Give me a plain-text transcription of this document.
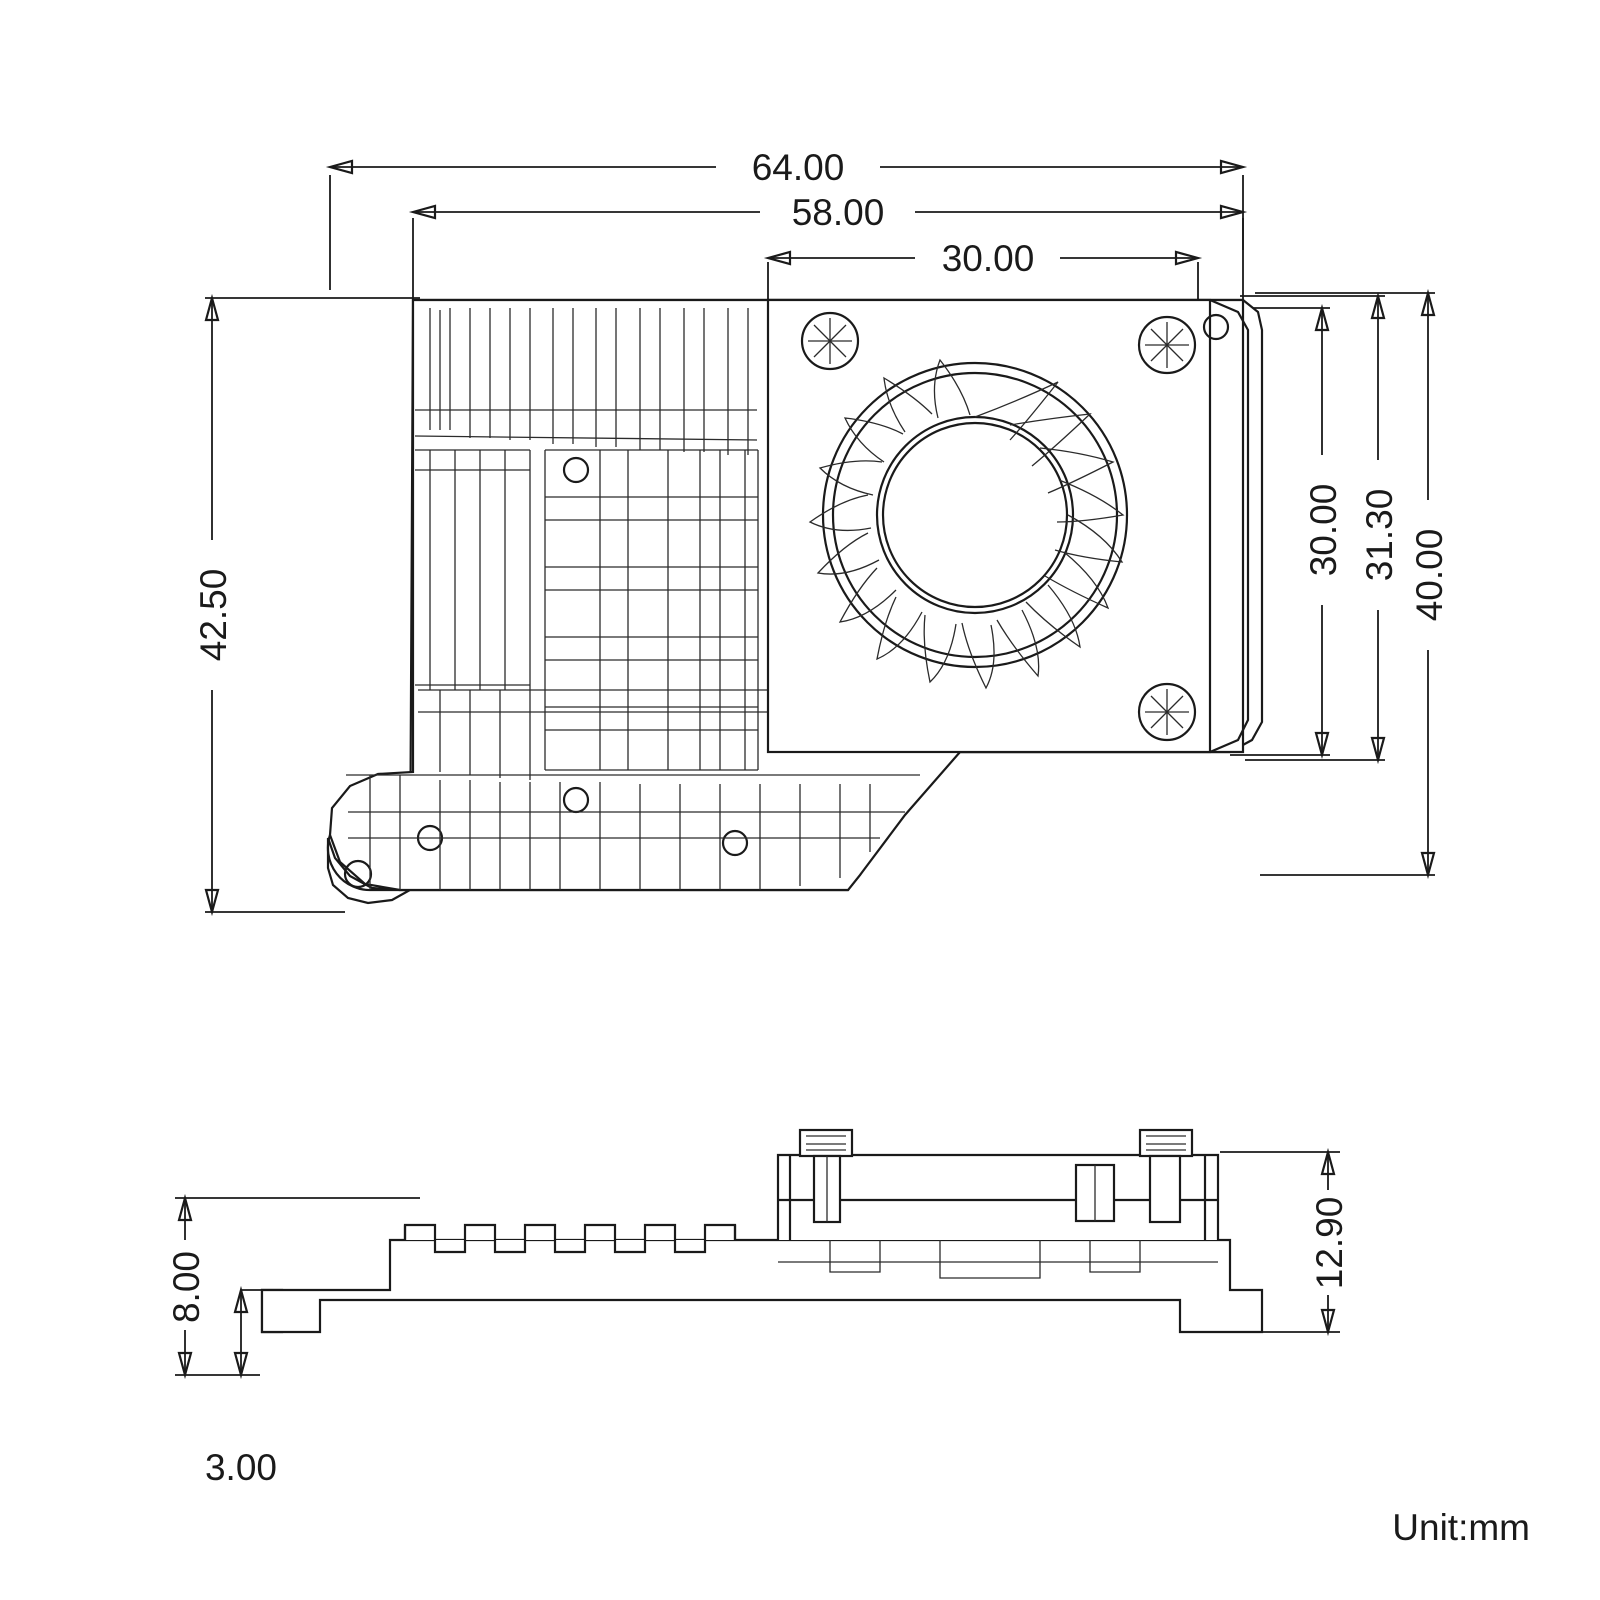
64.00
58.00
30.00
42.50
30.00 31.30 40.00
8.00
3.00
12.90
Unit:mm
